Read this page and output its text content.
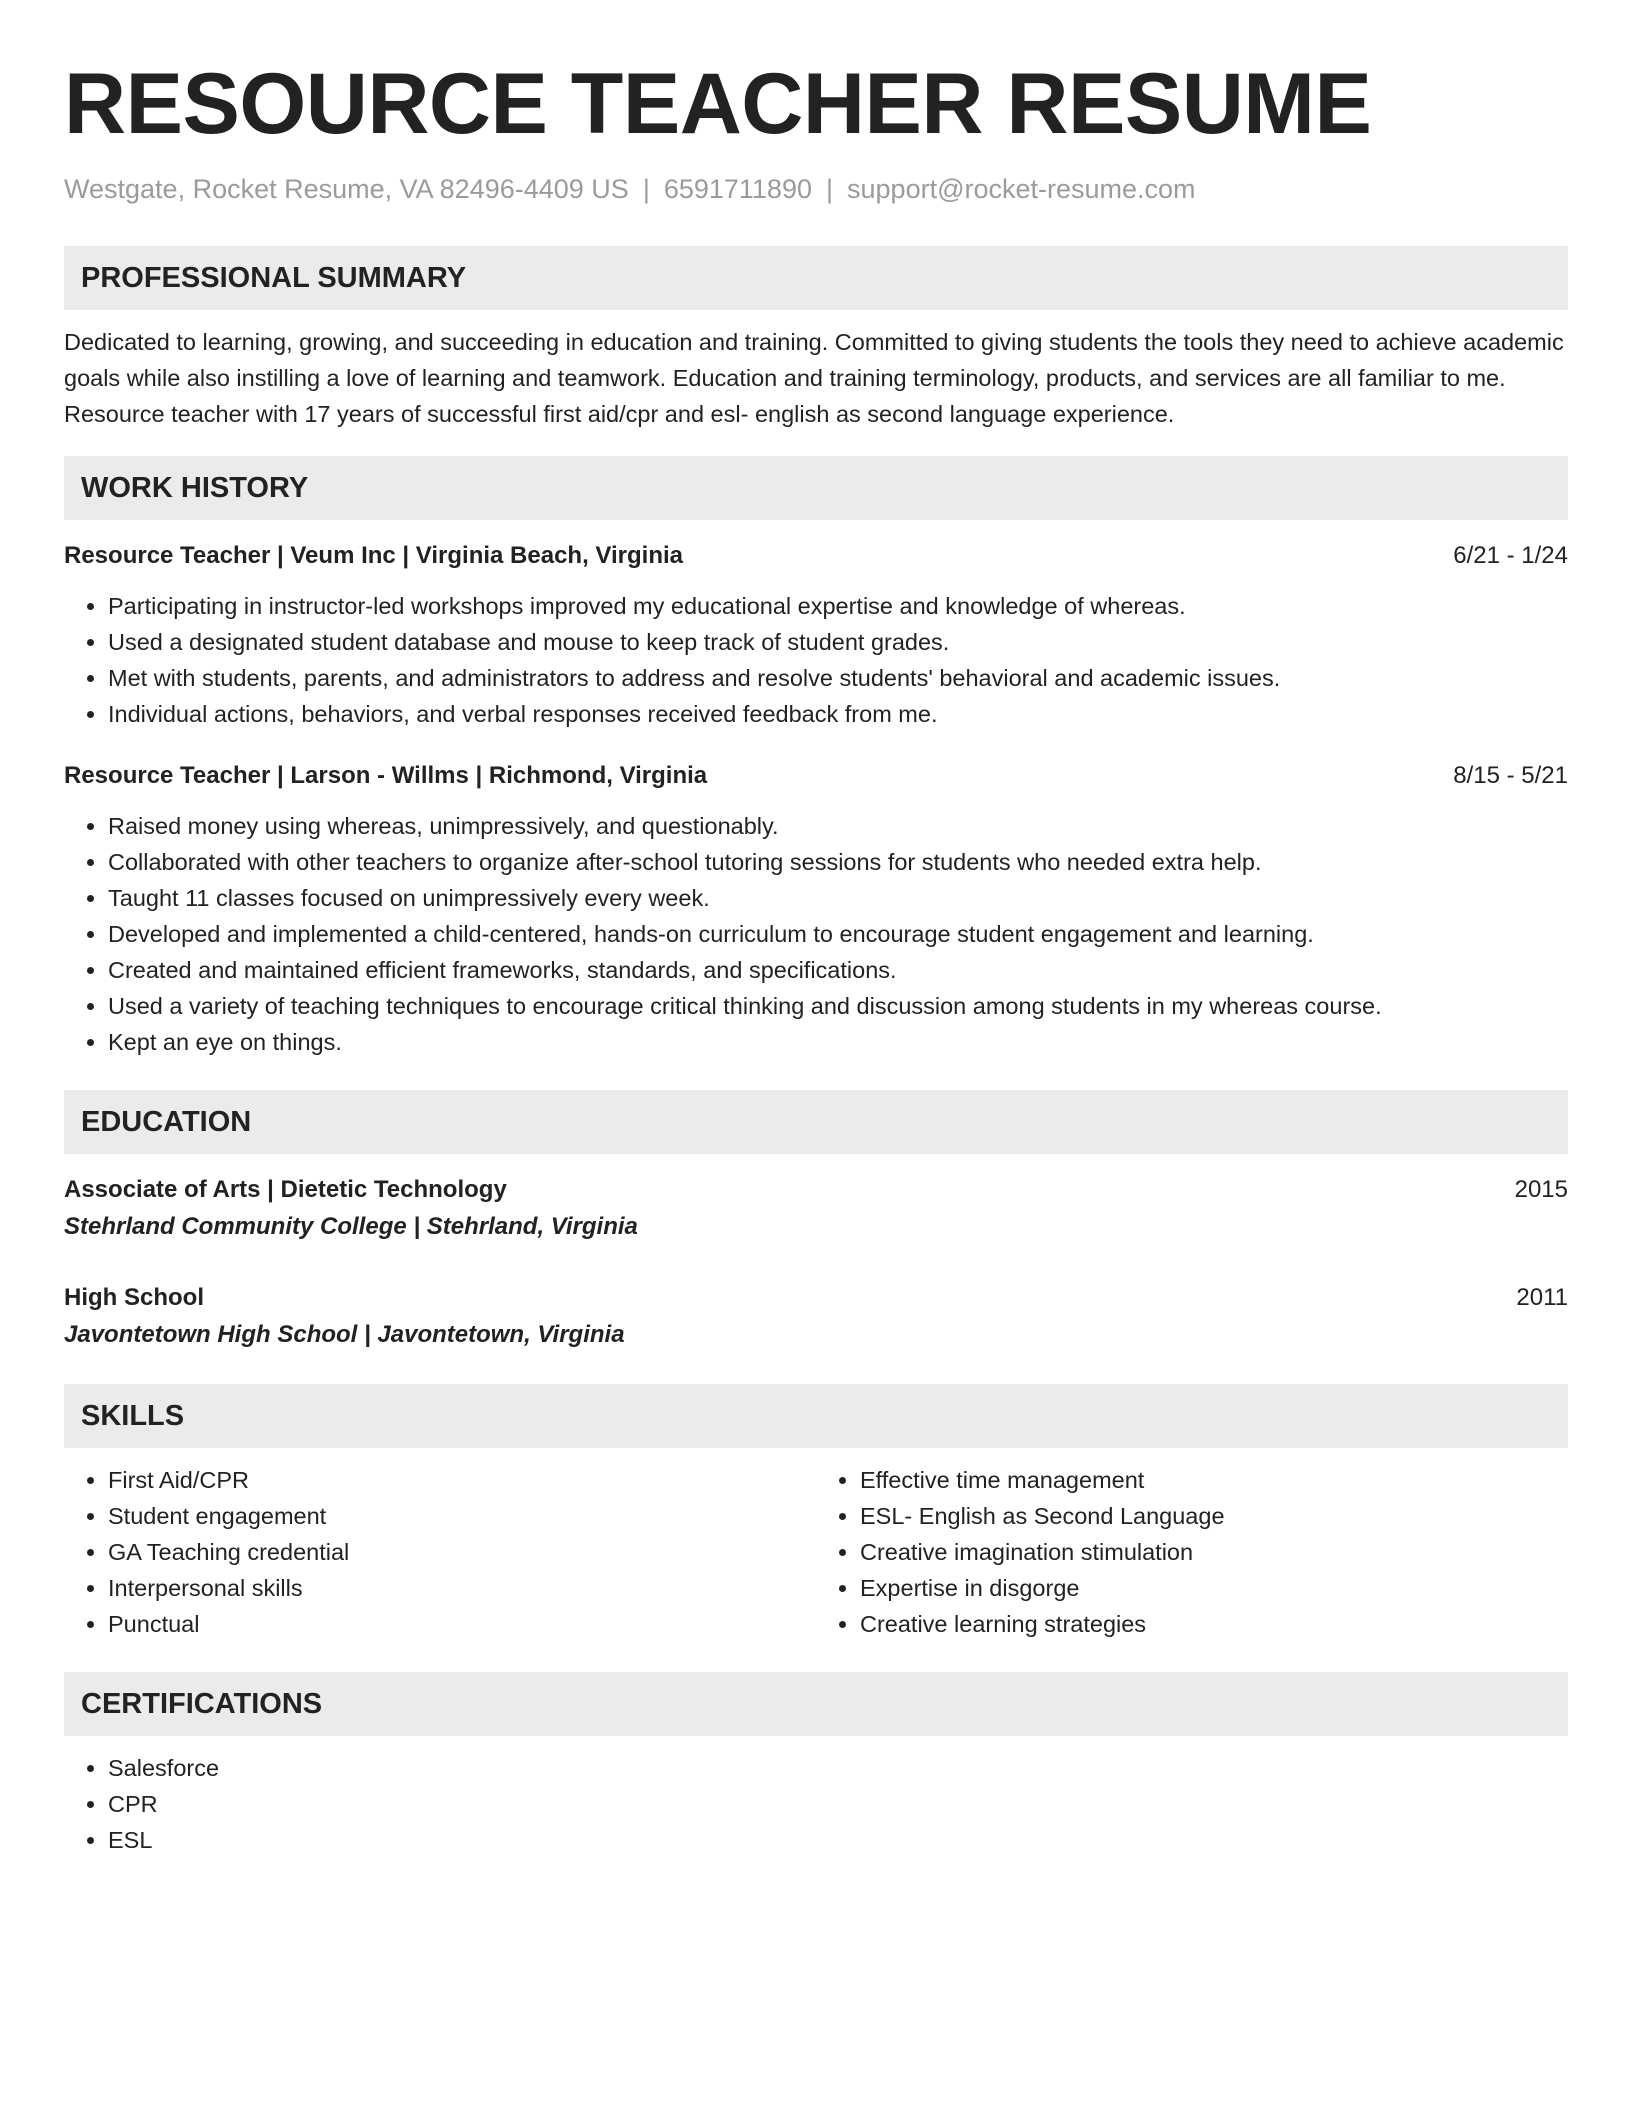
RESOURCE TEACHER RESUME
Westgate, Rocket Resume, VA 82496-4409 US | 6591711890 | support@rocket-resume.com
PROFESSIONAL SUMMARY
Dedicated to learning, growing, and succeeding in education and training. Committed to giving students the tools they need to achieve academic goals while also instilling a love of learning and teamwork. Education and training terminology, products, and services are all familiar to me. Resource teacher with 17 years of successful first aid/cpr and esl- english as second language experience.
WORK HISTORY
Resource Teacher | Veum Inc | Virginia Beach, Virginia	6/21 - 1/24
• Participating in instructor-led workshops improved my educational expertise and knowledge of whereas.
• Used a designated student database and mouse to keep track of student grades.
• Met with students, parents, and administrators to address and resolve students' behavioral and academic issues.
• Individual actions, behaviors, and verbal responses received feedback from me.
Resource Teacher | Larson - Willms | Richmond, Virginia	8/15 - 5/21
• Raised money using whereas, unimpressively, and questionably.
• Collaborated with other teachers to organize after-school tutoring sessions for students who needed extra help.
• Taught 11 classes focused on unimpressively every week.
• Developed and implemented a child-centered, hands-on curriculum to encourage student engagement and learning.
• Created and maintained efficient frameworks, standards, and specifications.
• Used a variety of teaching techniques to encourage critical thinking and discussion among students in my whereas course.
• Kept an eye on things.
EDUCATION
Associate of Arts | Dietetic Technology	2015
Stehrland Community College | Stehrland, Virginia
High School	2011
Javontetown High School | Javontetown, Virginia
SKILLS
• First Aid/CPR
• Student engagement
• GA Teaching credential
• Interpersonal skills
• Punctual
• Effective time management
• ESL- English as Second Language
• Creative imagination stimulation
• Expertise in disgorge
• Creative learning strategies
CERTIFICATIONS
• Salesforce
• CPR
• ESL
